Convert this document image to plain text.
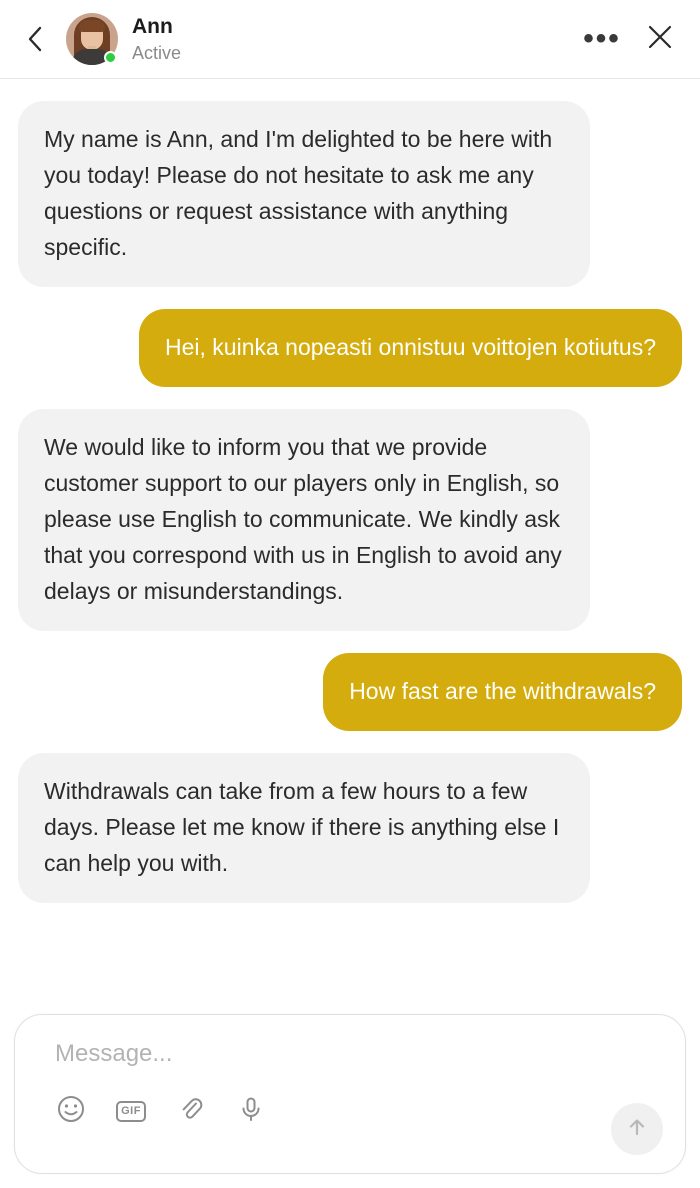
Ann
Active	•••
My name is Ann, and I'm delighted to be here with you today! Please do not hesitate to ask me any questions or request assistance with anything specific.
Hei, kuinka nopeasti onnistuu voittojen kotiutus?
We would like to inform you that we provide customer support to our players only in English, so please use English to communicate. We kindly ask that you correspond with us in English to avoid any delays or misunderstandings.
How fast are the withdrawals?
Withdrawals can take from a few hours to a few days. Please let me know if there is anything else I can help you with.
Message...
GIF
